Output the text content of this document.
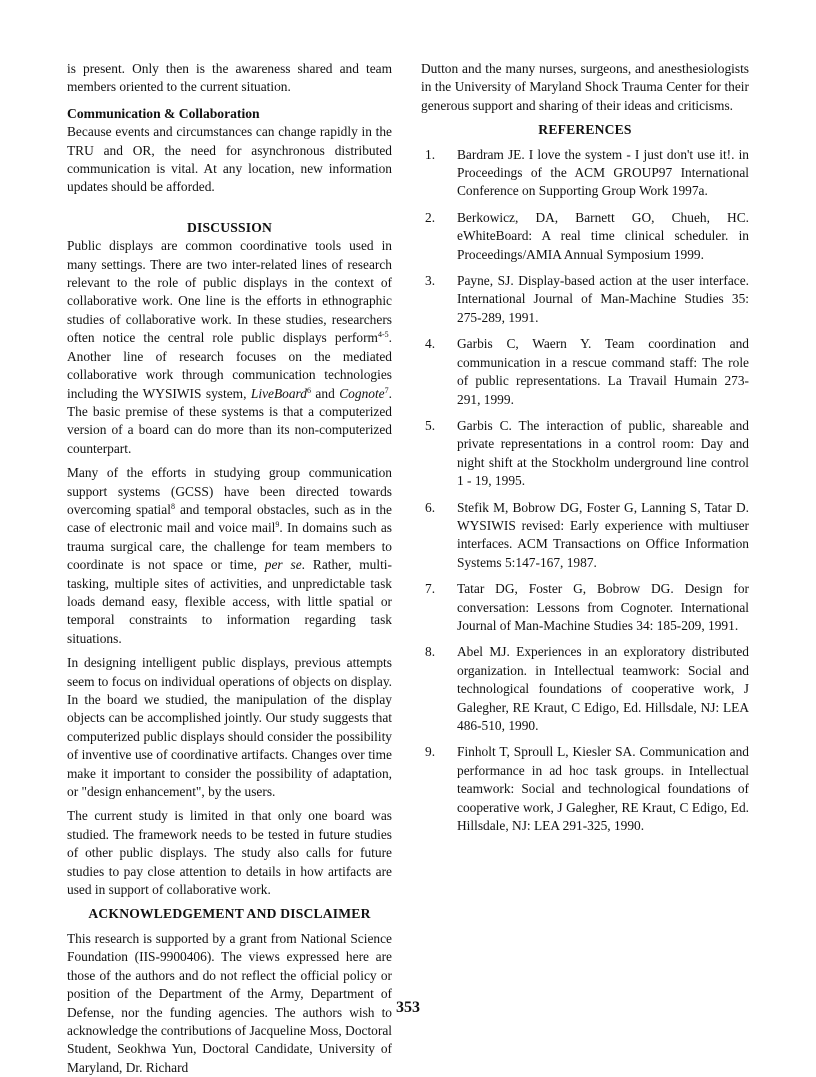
is present. Only then is the awareness shared and team members oriented to the current situation.

Communication & Collaboration

Because events and circumstances can change rapidly in the TRU and OR, the need for asynchronous distributed communication is vital. At any location, new information updates should be afforded.

DISCUSSION

Public displays are common coordinative tools used in many settings. There are two inter-related lines of research relevant to the role of public displays in the context of collaborative work. One line is the efforts in ethnographic studies of collaborative work. In these studies, researchers often notice the central role public displays perform$^{4-5}$. Another line of research focuses on the mediated collaborative work through communication technologies including the WYSIWIS system, LiveBoard$^6$ and Cognote$^7$. The basic premise of these systems is that a computerized version of a board can do more than its non-computerized counterpart.

Many of the efforts in studying group communication support systems (GCSS) have been directed towards overcoming spatial$^8$ and temporal obstacles, such as in the case of electronic mail and voice mail$^9$. In domains such as trauma surgical care, the challenge for team members to coordinate is not space or time, per se. Rather, multi-tasking, multiple sites of activities, and unpredictable task loads demand easy, flexible access, with little spatial or temporal constraints to information regarding task situations.

In designing intelligent public displays, previous attempts seem to focus on individual operations of objects on display. In the board we studied, the manipulation of the display objects can be accomplished jointly. Our study suggests that computerized public displays should consider the possibility of inventive use of coordinative artifacts. Changes over time make it important to consider the possibility of adaptation, or "design enhancement", by the users.

The current study is limited in that only one board was studied. The framework needs to be tested in future studies of other public displays. The study also calls for future studies to pay close attention to details in how artifacts are used in support of collaborative work.

ACKNOWLEDGEMENT AND DISCLAIMER

This research is supported by a grant from National Science Foundation (IIS-9900406). The views expressed here are those of the authors and do not reflect the official policy or position of the Department of the Army, Department of Defense, nor the funding agencies. The authors wish to acknowledge the contributions of Jacqueline Moss, Doctoral Student, Seokhwa Yun, Doctoral Candidate, University of Maryland, Dr. Richard

Dutton and the many nurses, surgeons, and anesthesiologists in the University of Maryland Shock Trauma Center for their generous support and sharing of their ideas and criticisms.

REFERENCES
1. Bardram JE. I love the system - I just don't use it!. in Proceedings of the ACM GROUP97 International Conference on Supporting Group Work 1997a.
2. Berkowicz, DA, Barnett GO, Chueh, HC. eWhiteBoard: A real time clinical scheduler. in Proceedings/AMIA Annual Symposium 1999.
3. Payne, SJ. Display-based action at the user interface. International Journal of Man-Machine Studies 35: 275-289, 1991.
4. Garbis C, Waern Y. Team coordination and communication in a rescue command staff: The role of public representations. La Travail Humain 273-291, 1999.
5. Garbis C. The interaction of public, shareable and private representations in a control room: Day and night shift at the Stockholm underground line control 1 - 19, 1995.
6. Stefik M, Bobrow DG, Foster G, Lanning S, Tatar D. WYSIWIS revised: Early experience with multiuser interfaces. ACM Transactions on Office Information Systems 5:147-167, 1987.
7. Tatar DG, Foster G, Bobrow DG. Design for conversation: Lessons from Cognoter. International Journal of Man-Machine Studies 34: 185-209, 1991.
8. Abel MJ. Experiences in an exploratory distributed organization. in Intellectual teamwork: Social and technological foundations of cooperative work, J Galegher, RE Kraut, C Edigo, Ed. Hillsdale, NJ: LEA 486-510, 1990.
9. Finholt T, Sproull L, Kiesler SA. Communication and performance in ad hoc task groups. in Intellectual teamwork: Social and technological foundations of cooperative work, J Galegher, RE Kraut, C Edigo, Ed. Hillsdale, NJ: LEA 291-325, 1990.
353
